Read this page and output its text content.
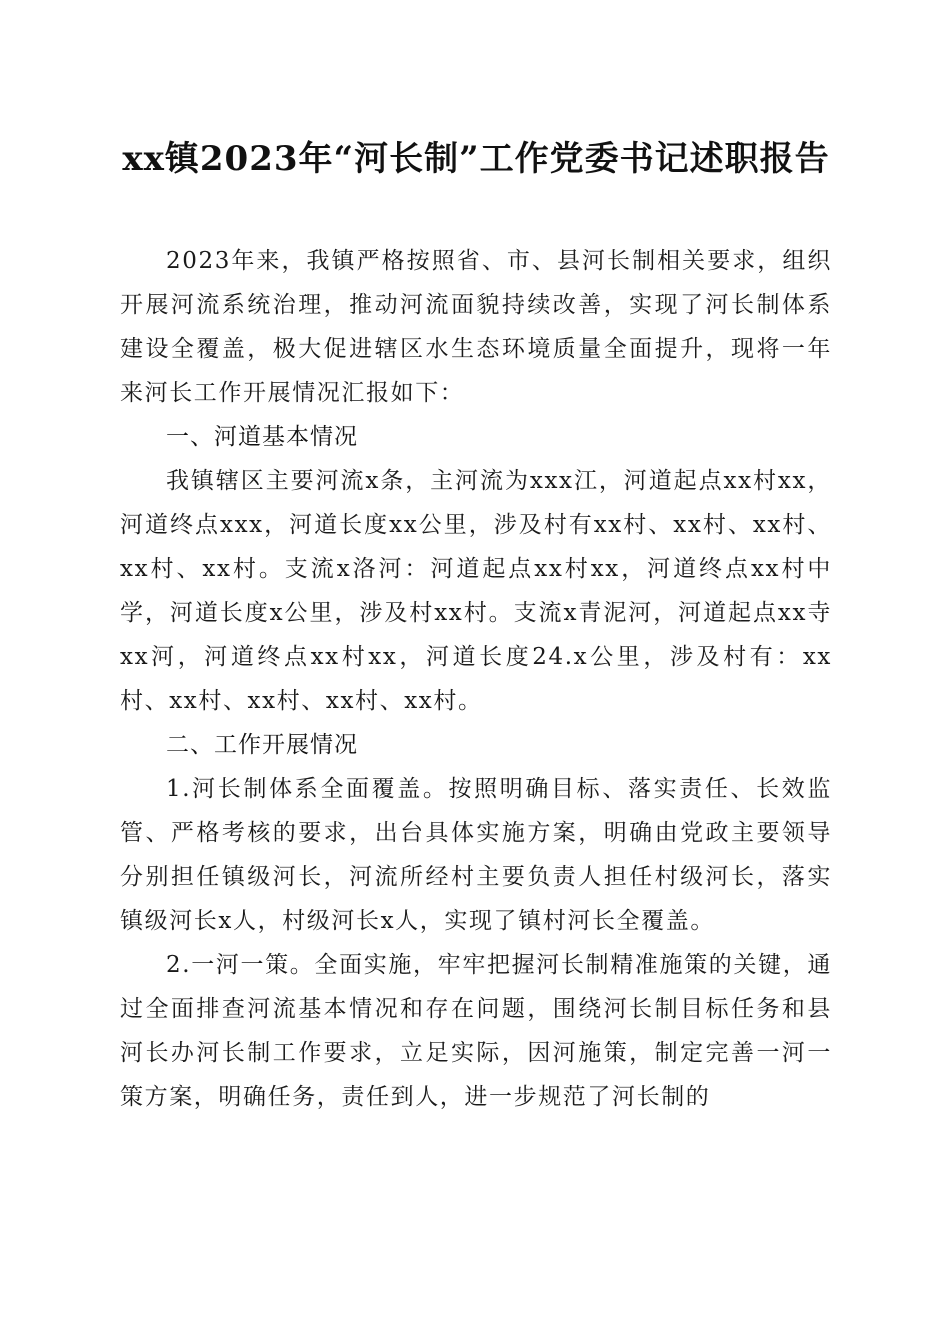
xx镇2023年“河长制”工作党委书记述职报告

2023年来，我镇严格按照省、市、县河长制相关要求，组织开展河流系统治理，推动河流面貌持续改善，实现了河长制体系建设全覆盖，极大促进辖区水生态环境质量全面提升，现将一年来河长工作开展情况汇报如下：

一、河道基本情况

我镇辖区主要河流x条，主河流为xxx江，河道起点xx村xx，河道终点xxx，河道长度xx公里，涉及村有xx村、xx村、xx村、xx村、xx村。支流x洛河：河道起点xx村xx，河道终点xx村中学，河道长度x公里，涉及村xx村。支流x青泥河，河道起点xx寺xx河，河道终点xx村xx，河道长度24.x公里，涉及村有：xx村、xx村、xx村、xx村、xx村。

二、工作开展情况

1.河长制体系全面覆盖。按照明确目标、落实责任、长效监管、严格考核的要求，出台具体实施方案，明确由党政主要领导分别担任镇级河长，河流所经村主要负责人担任村级河长，落实镇级河长x人，村级河长x人，实现了镇村河长全覆盖。

2.一河一策。全面实施，牢牢把握河长制精准施策的关键，通过全面排查河流基本情况和存在问题，围绕河长制目标任务和县河长办河长制工作要求，立足实际，因河施策，制定完善一河一策方案，明确任务，责任到人，进一步规范了河长制的
